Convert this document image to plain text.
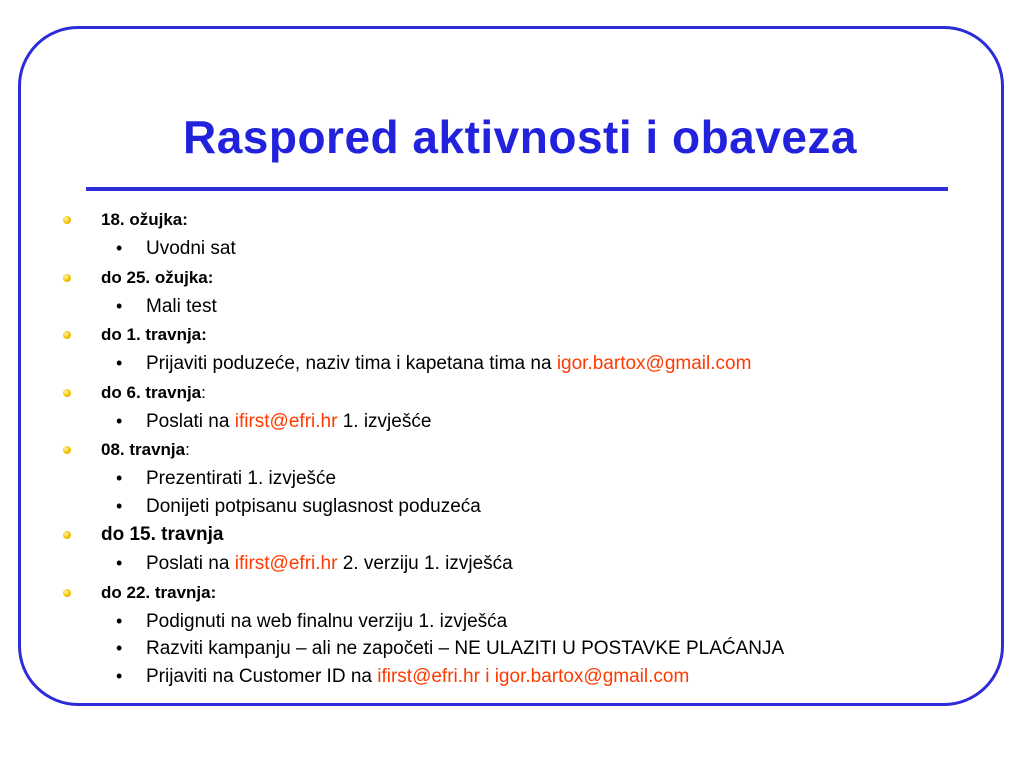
Raspored aktivnosti i obaveza
18. ožujka:
• Uvodni sat
do 25. ožujka:
• Mali test
do 1. travnja:
• Prijaviti poduzeće, naziv tima i kapetana tima na igor.bartox@gmail.com
do 6. travnja:
• Poslati na ifirst@efri.hr 1. izvješće
08. travnja:
• Prezentirati 1. izvješće
• Donijeti potpisanu suglasnost poduzeća
do 15. travnja
• Poslati na ifirst@efri.hr 2. verziju 1. izvješća
do 22. travnja:
• Podignuti na web finalnu verziju 1. izvješća
• Razviti kampanju – ali ne započeti – NE ULAZITI U POSTAVKE PLAĆANJA
• Prijaviti na Customer ID na ifirst@efri.hr i igor.bartox@gmail.com
